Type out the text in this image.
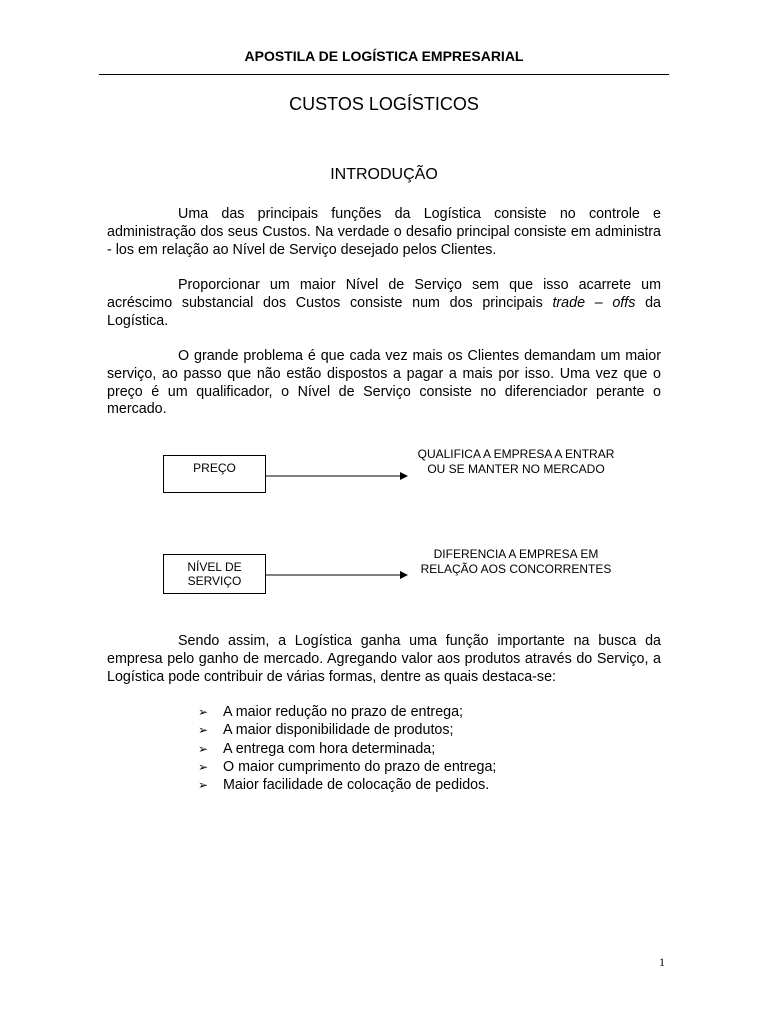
APOSTILA DE LOGÍSTICA EMPRESARIAL
CUSTOS LOGÍSTICOS
INTRODUÇÃO

Uma das principais funções da Logística consiste no controle e administração dos seus Custos. Na verdade o desafio principal consiste em administra - los em relação ao Nível de Serviço desejado pelos Clientes.

Proporcionar um maior Nível de Serviço sem que isso acarrete um acréscimo substancial dos Custos consiste num dos principais trade – offs da Logística.

O grande problema é que cada vez mais os Clientes demandam um maior serviço, ao passo que não estão dispostos a pagar a mais por isso. Uma vez que o preço é um qualificador, o Nível de Serviço consiste no diferenciador perante o mercado.

PREÇO
QUALIFICA A EMPRESA A ENTRAR OU SE MANTER NO MERCADO
NÍVEL DE SERVIÇO
DIFERENCIA A EMPRESA EM RELAÇÃO AOS CONCORRENTES

Sendo assim, a Logística ganha uma função importante na busca da empresa pelo ganho de mercado. Agregando valor aos produtos através do Serviço, a Logística pode contribuir de várias formas, dentre as quais destaca-se:

➢	A maior redução no prazo de entrega;
➢	A maior disponibilidade de produtos;
➢	A entrega com hora determinada;
➢	O maior cumprimento do prazo de entrega;
➢	Maior facilidade de colocação de pedidos.
1
